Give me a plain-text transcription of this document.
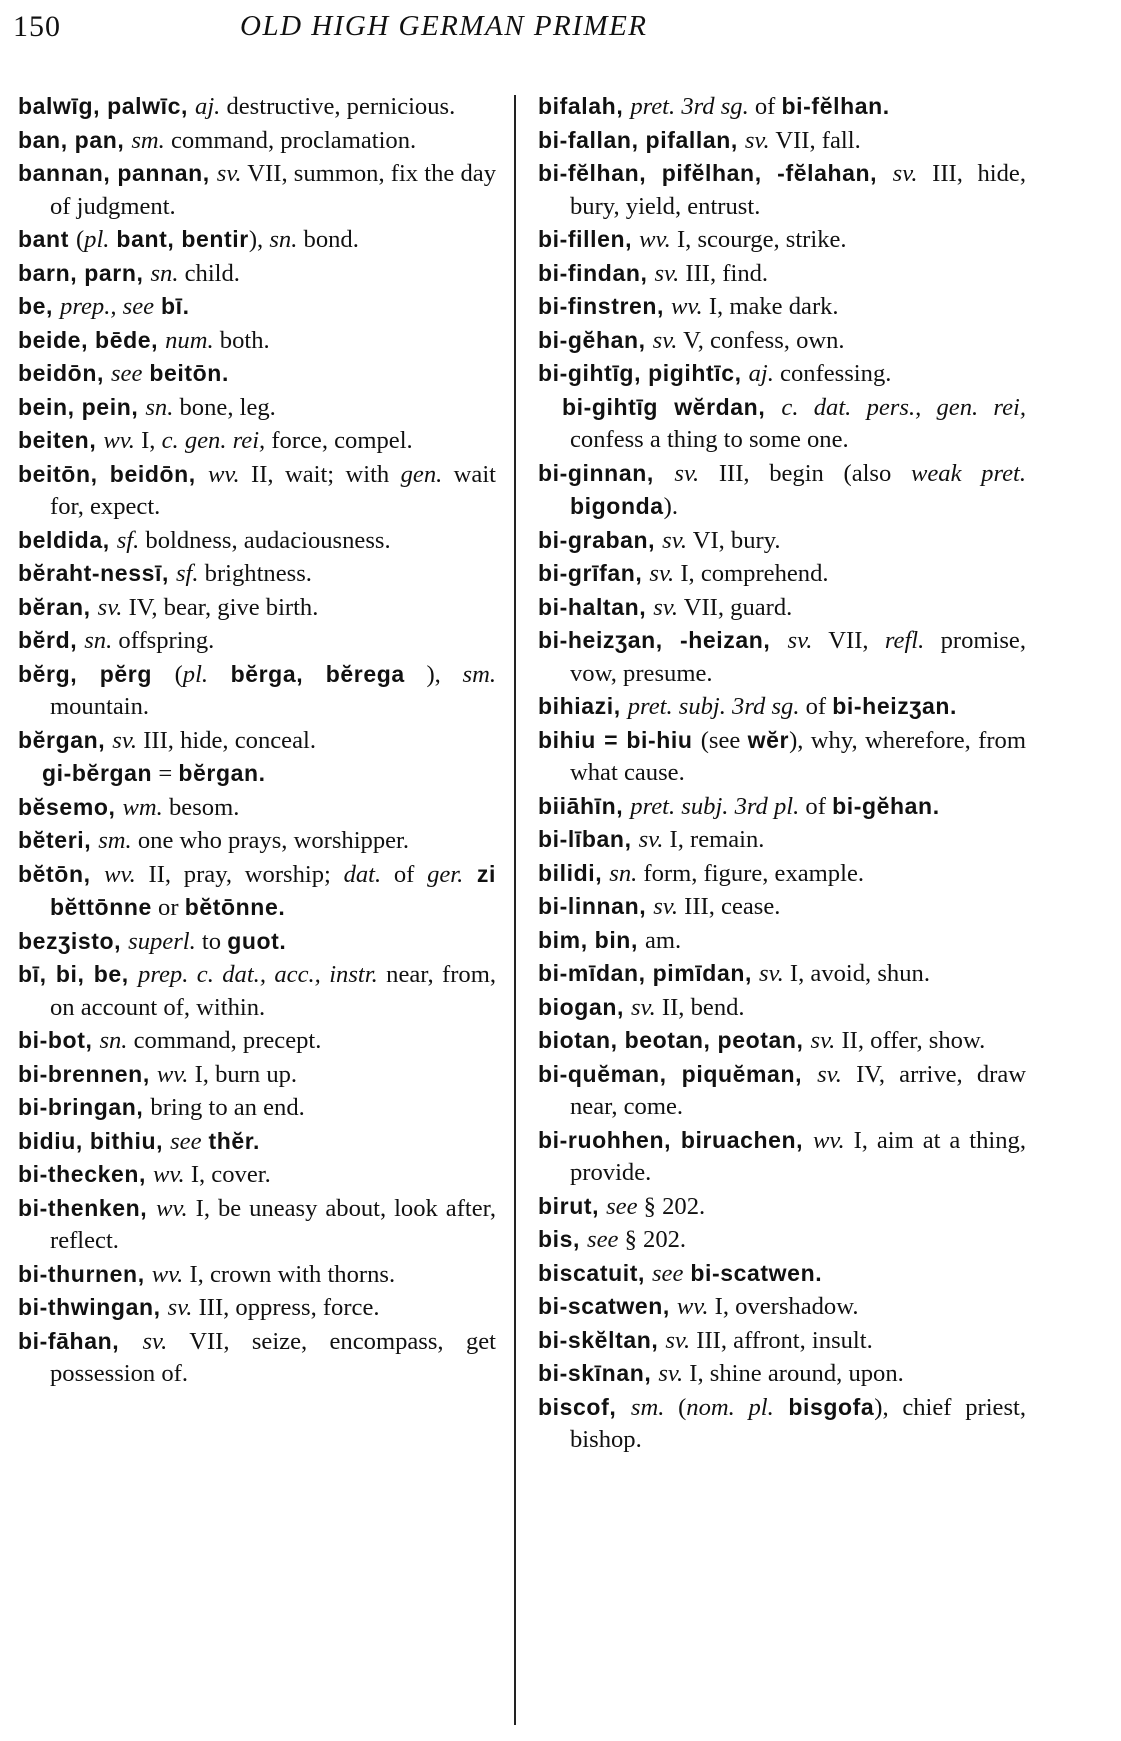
150	OLD HIGH GERMAN PRIMER
balwīg, palwīc, aj. destructive, pernicious.
ban, pan, sm. command, proclamation.
bannan, pannan, sv. VII, summon, fix the day of judgment.
bant (pl. bant, bentir), sn. bond.
barn, parn, sn. child.
be, prep., see bī.
beide, bēde, num. both.
beidōn, see beitōn.
bein, pein, sn. bone, leg.
beiten, wv. I, c. gen. rei, force, compel.
beitōn, beidōn, wv. II, wait; with gen. wait for, expect.
beldida, sf. boldness, audaciousness.
bĕraht-nessī, sf. brightness.
bĕran, sv. IV, bear, give birth.
bĕrd, sn. offspring.
bĕrg, pĕrg (pl. bĕrga, bĕrega ), sm. mountain.
bĕrgan, sv. III, hide, conceal.
gi-bĕrgan = bĕrgan.
bĕsemo, wm. besom.
bĕteri, sm. one who prays, worshipper.
bĕtōn, wv. II, pray, worship; dat. of ger. zi bĕttōnne or bĕtōnne.
bezʒisto, superl. to guot.
bī, bi, be, prep. c. dat., acc., instr. near, from, on account of, within.
bi-bot, sn. command, precept.
bi-brennen, wv. I, burn up.
bi-bringan, bring to an end.
bidiu, bithiu, see thĕr.
bi-thecken, wv. I, cover.
bi-thenken, wv. I, be uneasy about, look after, reflect.
bi-thurnen, wv. I, crown with thorns.
bi-thwingan, sv. III, oppress, force.
bi-fāhan, sv. VII, seize, encompass, get possession of.
bifalah, pret. 3rd sg. of bi-fĕlhan.
bi-fallan, pifallan, sv. VII, fall.
bi-fĕlhan, pifĕlhan, -fĕlahan, sv. III, hide, bury, yield, entrust.
bi-fillen, wv. I, scourge, strike.
bi-findan, sv. III, find.
bi-finstren, wv. I, make dark.
bi-gĕhan, sv. V, confess, own.
bi-gihtīg, pigihtīc, aj. confessing.
bi-gihtīg wĕrdan, c. dat. pers., gen. rei, confess a thing to some one.
bi-ginnan, sv. III, begin (also weak pret. bigonda).
bi-graban, sv. VI, bury.
bi-grīfan, sv. I, comprehend.
bi-haltan, sv. VII, guard.
bi-heizʒan, -heizan, sv. VII, refl. promise, vow, presume.
bihiazi, pret. subj. 3rd sg. of bi-heizʒan.
bihiu = bi-hiu (see wĕr), why, wherefore, from what cause.
biiāhīn, pret. subj. 3rd pl. of bi-gĕhan.
bi-līban, sv. I, remain.
bilidi, sn. form, figure, example.
bi-linnan, sv. III, cease.
bim, bin, am.
bi-mīdan, pimīdan, sv. I, avoid, shun.
biogan, sv. II, bend.
biotan, beotan, peotan, sv. II, offer, show.
bi-quĕman, piquĕman, sv. IV, arrive, draw near, come.
bi-ruohhen, biruachen, wv. I, aim at a thing, provide.
birut, see § 202.
bis, see § 202.
biscatuit, see bi-scatwen.
bi-scatwen, wv. I, overshadow.
bi-skĕltan, sv. III, affront, insult.
bi-skīnan, sv. I, shine around, upon.
biscof, sm. (nom. pl. bisgofa), chief priest, bishop.
